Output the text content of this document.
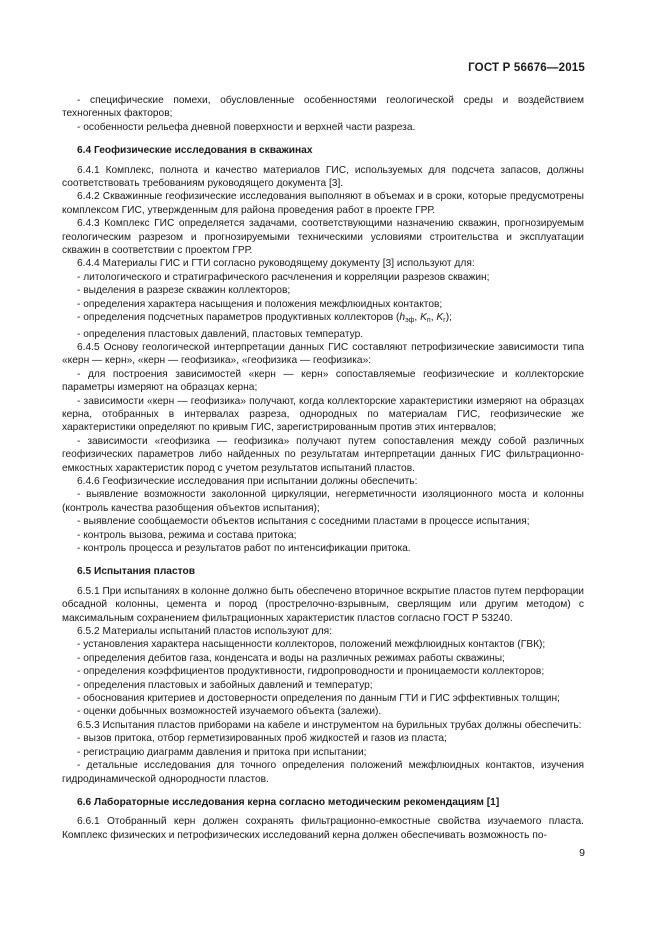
ГОСТ Р 56676—2015

- специфические помехи, обусловленные особенностями геологической среды и воздействием техногенных факторов;

- особенности рельефа дневной поверхности и верхней части разреза.

6.4 Геофизические исследования в скважинах

6.4.1 Комплекс, полнота и качество материалов ГИС, используемых для подсчета запасов, должны соответствовать требованиям руководящего документа [3].

6.4.2 Скважинные геофизические исследования выполняют в объемах и в сроки, которые предусмотрены комплексом ГИС, утвержденным для района проведения работ в проекте ГРР.

6.4.3 Комплекс ГИС определяется задачами, соответствующими назначению скважин, прогнозируемым геологическим разрезом и прогнозируемыми техническими условиями строительства и эксплуатации скважин в соответствии с проектом ГРР.

6.4.4 Материалы ГИС и ГТИ согласно руководящему документу [3] используют для:

- литологического и стратиграфического расчленения и корреляции разрезов скважин;

- выделения в разрезе скважин коллекторов;

- определения характера насыщения и положения межфлюидных контактов;

- определения подсчетных параметров продуктивных коллекторов ($h_{эф}$, $K_п$, $K_г$);

- определения пластовых давлений, пластовых температур.

6.4.5 Основу геологической интерпретации данных ГИС составляют петрофизические зависимости типа «керн — керн», «керн — геофизика», «геофизика — геофизика»:

- для построения зависимостей «керн — керн» сопоставляемые геофизические и коллекторские параметры измеряют на образцах керна;

- зависимости «керн — геофизика» получают, когда коллекторские характеристики измеряют на образцах керна, отобранных в интервалах разреза, однородных по материалам ГИС, геофизические же характеристики определяют по кривым ГИС, зарегистрированным против этих интервалов;

- зависимости «геофизика — геофизика» получают путем сопоставления между собой различных геофизических параметров либо найденных по результатам интерпретации данных ГИС фильтрационно-емкостных характеристик пород с учетом результатов испытаний пластов.

6.4.6 Геофизические исследования при испытании должны обеспечить:

- выявление возможности заколонной циркуляции, негерметичности изоляционного моста и колонны (контроль качества разобщения объектов испытания);

- выявление сообщаемости объектов испытания с соседними пластами в процессе испытания;

- контроль вызова, режима и состава притока;

- контроль процесса и результатов работ по интенсификации притока.

6.5 Испытания пластов

6.5.1 При испытаниях в колонне должно быть обеспечено вторичное вскрытие пластов путем перфорации обсадной колонны, цемента и пород (прострелочно-взрывным, сверлящим или другим методом) с максимальным сохранением фильтрационных характеристик пластов согласно ГОСТ Р 53240.

6.5.2 Материалы испытаний пластов используют для:

- установления характера насыщенности коллекторов, положений межфлюидных контактов (ГВК);

- определения дебитов газа, конденсата и воды на различных режимах работы скважины;

- определения коэффициентов продуктивности, гидропроводности и проницаемости коллекторов;

- определения пластовых и забойных давлений и температур;

- обоснования критериев и достоверности определения по данным ГТИ и ГИС эффективных толщин;

- оценки добычных возможностей изучаемого объекта (залежи).

6.5.3 Испытания пластов приборами на кабеле и инструментом на бурильных трубах должны обеспечить:

- вызов притока, отбор герметизированных проб жидкостей и газов из пласта;

- регистрацию диаграмм давления и притока при испытании;

- детальные исследования для точного определения положений межфлюидных контактов, изучения гидродинамической однородности пластов.

6.6 Лабораторные исследования керна согласно методическим рекомендациям [1]

6.6.1 Отобранный керн должен сохранять фильтрационно-емкостные свойства изучаемого пласта. Комплекс физических и петрофизических исследований керна должен обеспечивать возможность по-

9
